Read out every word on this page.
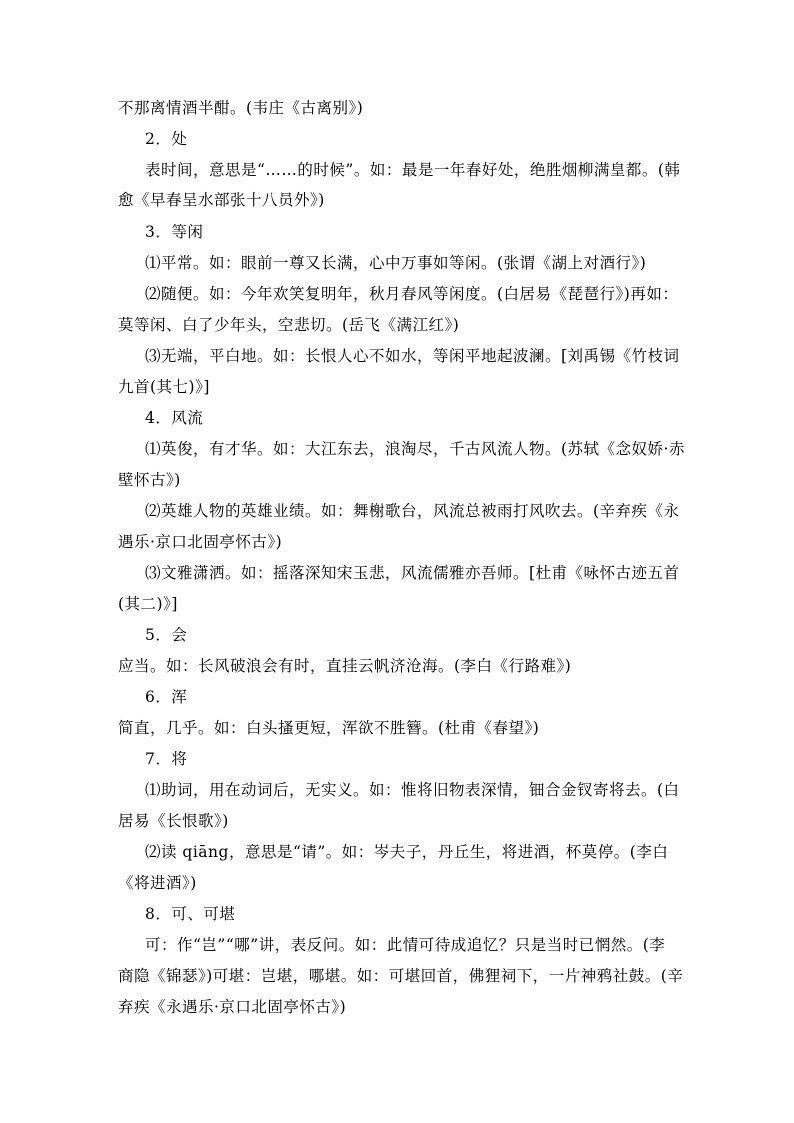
不那离情酒半酣。(韦庄《古离别》)
2．处
表时间，意思是“……的时候”。如：最是一年春好处，绝胜烟柳满皇都。(韩
愈《早春呈水部张十八员外》)
3．等闲
⑴平常。如：眼前一尊又长满，心中万事如等闲。(张谓《湖上对酒行》)
⑵随便。如：今年欢笑复明年，秋月春风等闲度。(白居易《琵琶行》)再如：
莫等闲、白了少年头，空悲切。(岳飞《满江红》)
⑶无端，平白地。如：长恨人心不如水，等闲平地起波澜。[刘禹锡《竹枝词
九首(其七)》]
4．风流
⑴英俊，有才华。如：大江东去，浪淘尽，千古风流人物。(苏轼《念奴娇·赤
壁怀古》)
⑵英雄人物的英雄业绩。如：舞榭歌台，风流总被雨打风吹去。(辛弃疾《永
遇乐·京口北固亭怀古》)
⑶文雅潇洒。如：摇落深知宋玉悲，风流儒雅亦吾师。[杜甫《咏怀古迹五首
(其二)》]
5．会
应当。如：长风破浪会有时，直挂云帆济沧海。(李白《行路难》)
6．浑
简直，几乎。如：白头搔更短，浑欲不胜簪。(杜甫《春望》)
7．将
⑴助词，用在动词后，无实义。如：惟将旧物表深情，钿合金钗寄将去。(白
居易《长恨歌》)
⑵读 qiāng，意思是“请”。如：岑夫子，丹丘生，将进酒，杯莫停。(李白
《将进酒》)
8．可、可堪
可：作“岂”“哪”讲，表反问。如：此情可待成追忆？只是当时已惘然。(李
商隐《锦瑟》)可堪：岂堪，哪堪。如：可堪回首，佛狸祠下，一片神鸦社鼓。(辛
弃疾《永遇乐·京口北固亭怀古》)
